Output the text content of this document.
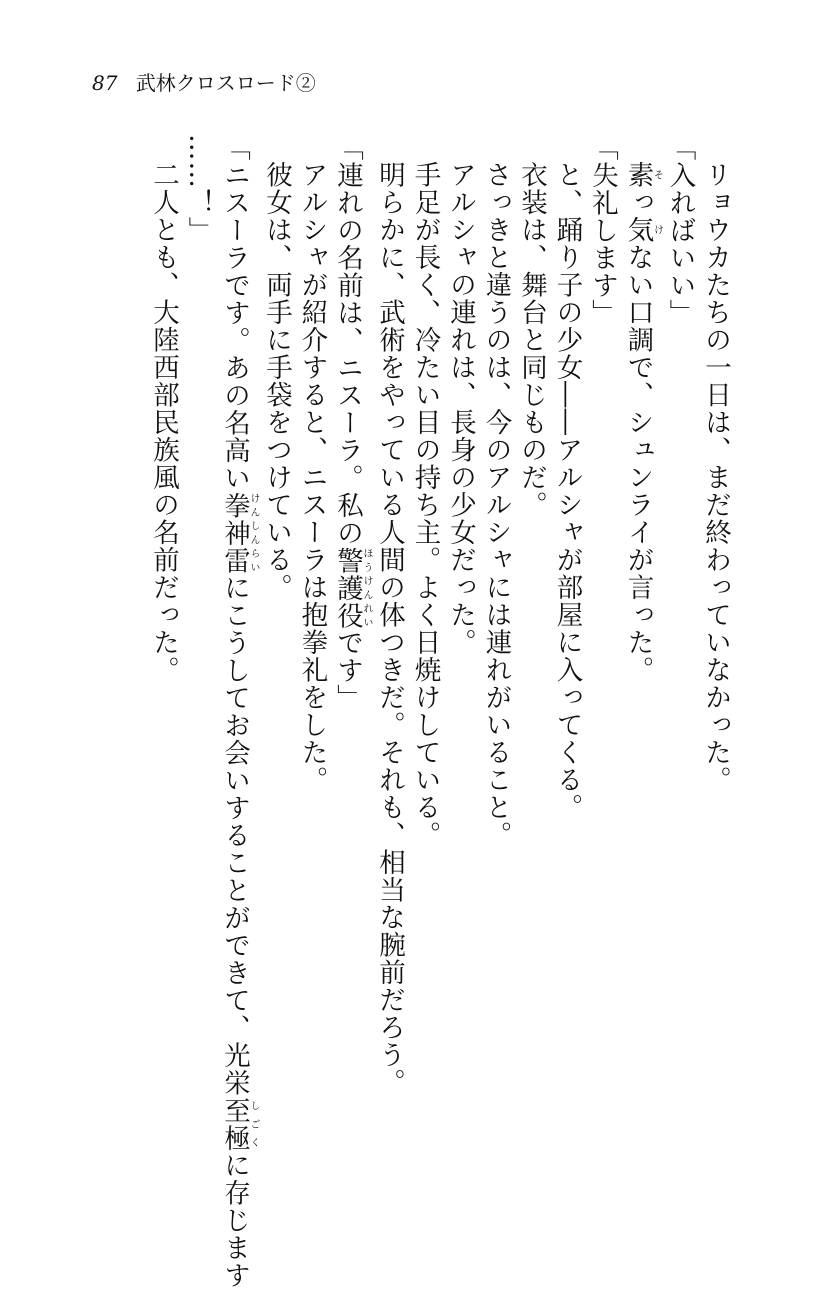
87 武林クロスロード②
リョウカたちの一日は、まだ終わっていなかった。
「入ればいい」
素そっ気けない口調で、シュンライが言った。
「失礼します」
と、踊り子の少女――アルシャが部屋に入ってくる。
衣装は、舞台と同じものだ。
さっきと違うのは、今のアルシャには連れがいること。
アルシャの連れは、長身の少女だった。
手足が長く、冷たい目の持ち主。よく日焼けしている。
明らかに、武術をやっている人間の体つきだ。それも、相当な腕前だろう。
「連れの名前は、ニスーラ。私の警護役ほうけんれいです」
アルシャが紹介すると、ニスーラは抱拳礼をした。
彼女は、両手に手袋をつけている。
「ニスーラです。あの名高い拳神雷けんしんらいにこうしてお会いすることができて、光栄至極しごくに存じます
……！」
二人とも、大陸西部民族風の名前だった。
